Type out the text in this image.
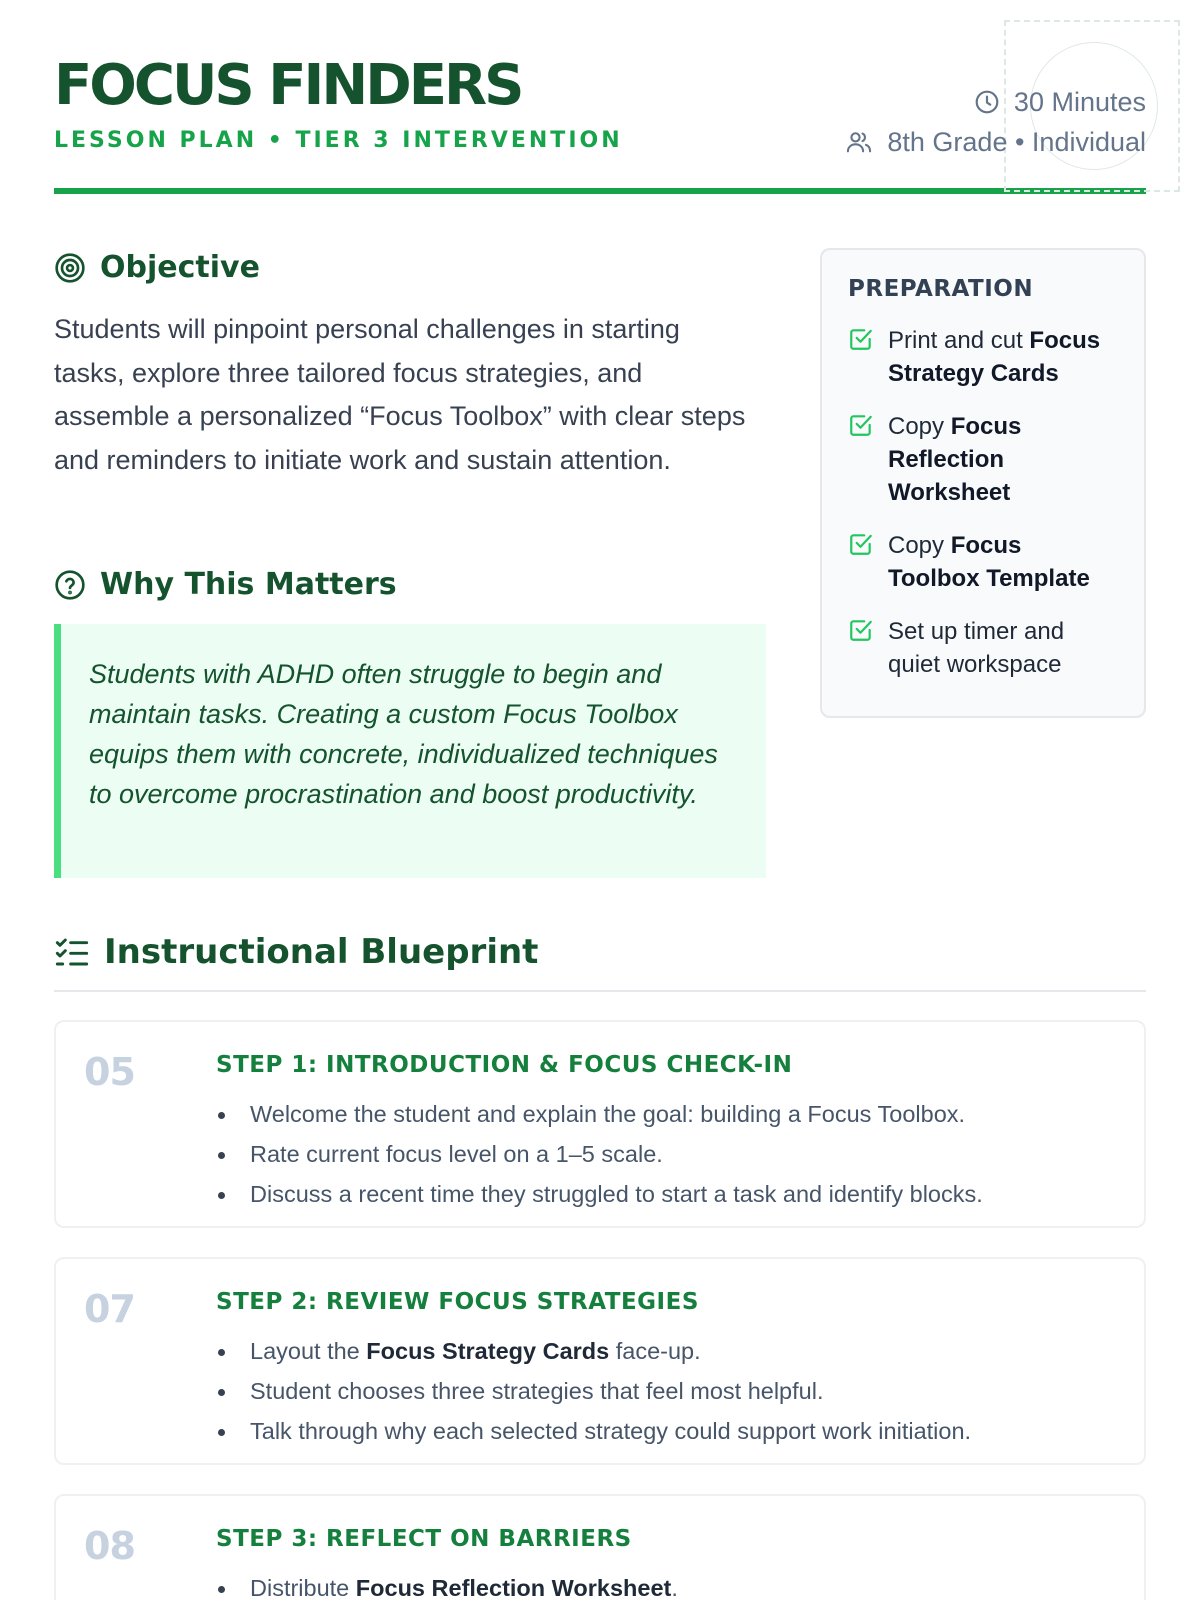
FOCUS FINDERS
LESSON PLAN • TIER 3 INTERVENTION
30 Minutes
8th Grade • Individual
Objective
Students will pinpoint personal challenges in starting tasks, explore three tailored focus strategies, and assemble a personalized “Focus Toolbox” with clear steps and reminders to initiate work and sustain attention.
Why This Matters
Students with ADHD often struggle to begin and maintain tasks. Creating a custom Focus Toolbox equips them with concrete, individualized techniques to overcome procrastination and boost productivity.
PREPARATION
Print and cut Focus Strategy Cards
Copy Focus Reflection Worksheet
Copy Focus Toolbox Template
Set up timer and quiet workspace
Instructional Blueprint
05	STEP 1: INTRODUCTION & FOCUS CHECK-IN
Welcome the student and explain the goal: building a Focus Toolbox.
Rate current focus level on a 1–5 scale.
Discuss a recent time they struggled to start a task and identify blocks.
07	STEP 2: REVIEW FOCUS STRATEGIES
Layout the Focus Strategy Cards face-up.
Student chooses three strategies that feel most helpful.
Talk through why each selected strategy could support work initiation.
08	STEP 3: REFLECT ON BARRIERS
Distribute Focus Reflection Worksheet.
